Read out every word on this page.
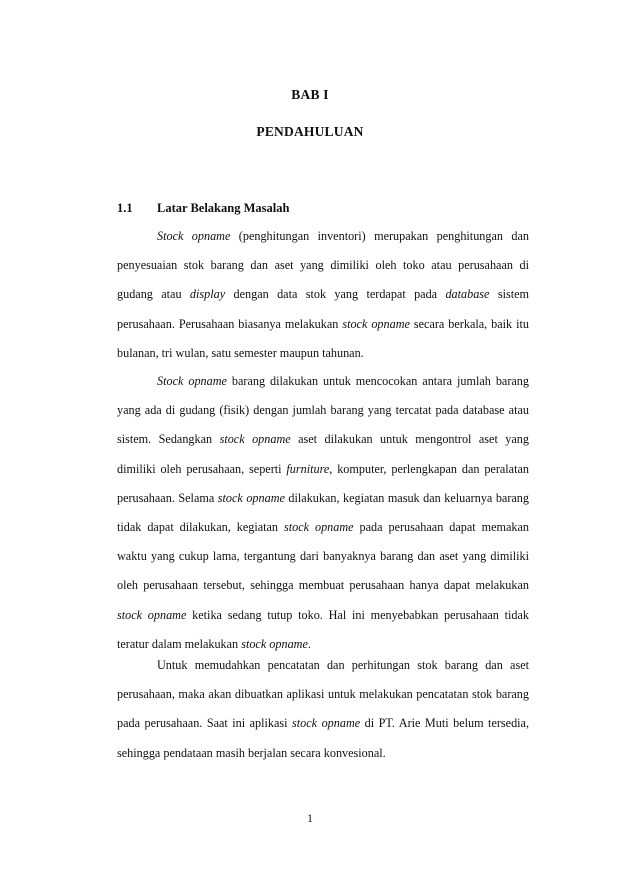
BAB I
PENDAHULUAN
1.1 Latar Belakang Masalah

Stock opname (penghitungan inventori) merupakan penghitungan dan penyesuaian stok barang dan aset yang dimiliki oleh toko atau perusahaan di gudang atau display dengan data stok yang terdapat pada database sistem perusahaan. Perusahaan biasanya melakukan stock opname secara berkala, baik itu bulanan, tri wulan, satu semester maupun tahunan.

Stock opname barang dilakukan untuk mencocokan antara jumlah barang yang ada di gudang (fisik) dengan jumlah barang yang tercatat pada database atau sistem. Sedangkan stock opname aset dilakukan untuk mengontrol aset yang dimiliki oleh perusahaan, seperti furniture, komputer, perlengkapan dan peralatan perusahaan. Selama stock opname dilakukan, kegiatan masuk dan keluarnya barang tidak dapat dilakukan, kegiatan stock opname pada perusahaan dapat memakan waktu yang cukup lama, tergantung dari banyaknya barang dan aset yang dimiliki oleh perusahaan tersebut, sehingga membuat perusahaan hanya dapat melakukan stock opname ketika sedang tutup toko. Hal ini menyebabkan perusahaan tidak teratur dalam melakukan stock opname.

Untuk memudahkan pencatatan dan perhitungan stok barang dan aset perusahaan, maka akan dibuatkan aplikasi untuk melakukan pencatatan stok barang pada perusahaan. Saat ini aplikasi stock opname di PT. Arie Muti belum tersedia, sehingga pendataan masih berjalan secara konvesional.

1
